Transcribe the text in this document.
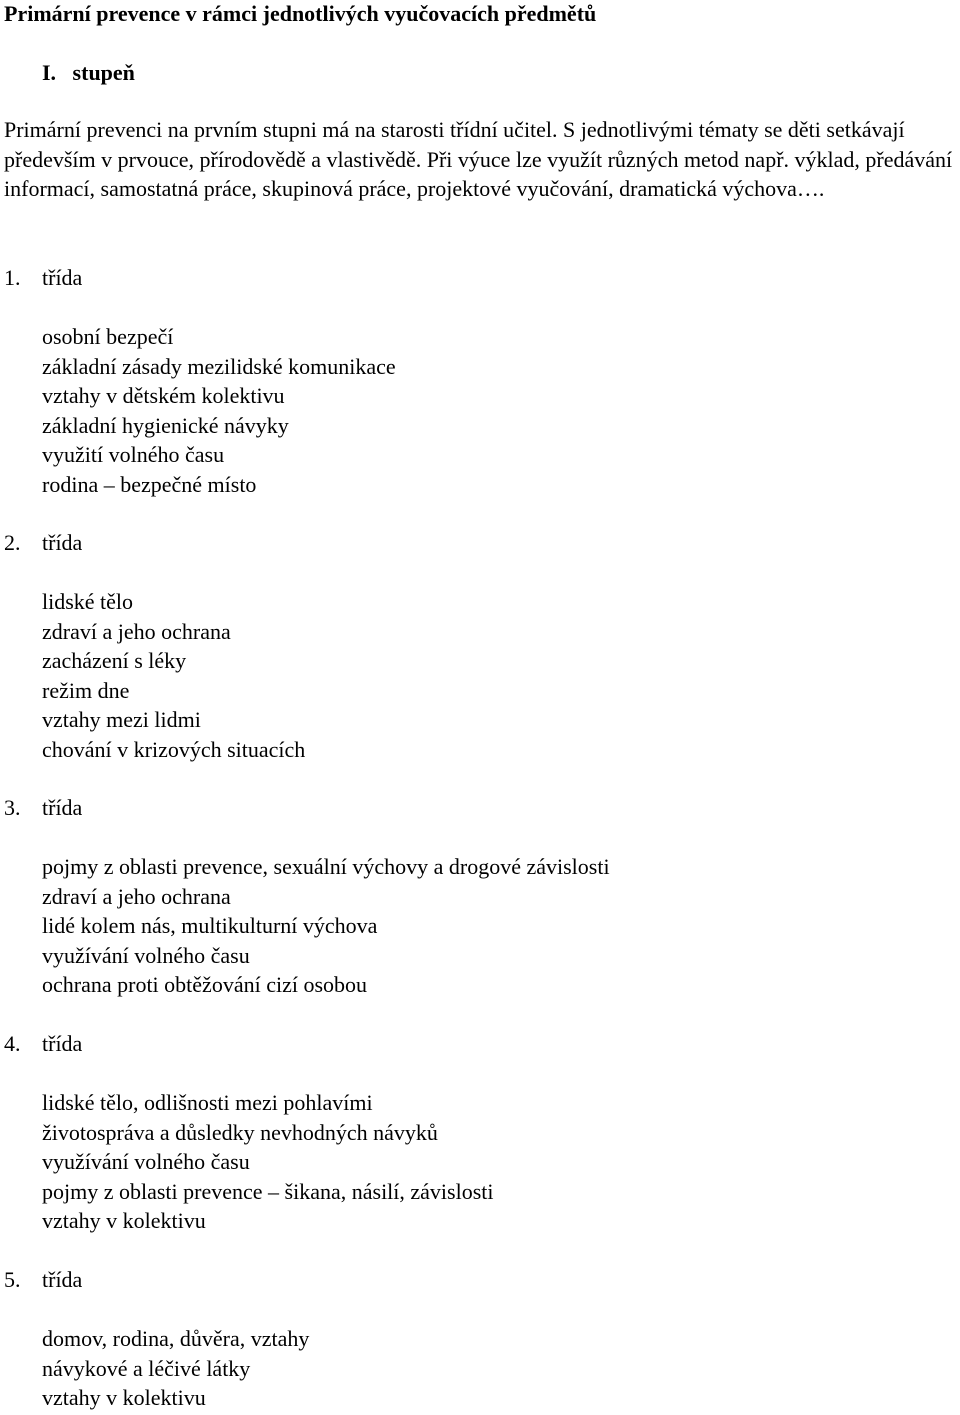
Primární prevence v rámci jednotlivých vyučovacích předmětů
I.   stupeň

Primární prevenci na prvním stupni má na starosti třídní učitel. S jednotlivými tématy se děti setkávají především v prvouce, přírodovědě a vlastivědě. Při výuce lze využít různých metod např. výklad, předávání informací, samostatná práce, skupinová práce, projektové vyučování, dramatická výchova….

1. třída
osobní bezpečí
základní zásady mezilidské komunikace
vztahy v dětském kolektivu
základní hygienické návyky
využití volného času
rodina – bezpečné místo
2. třída
lidské tělo
zdraví a jeho ochrana
zacházení s léky
režim dne
vztahy mezi lidmi
chování v krizových situacích
3. třída
pojmy z oblasti prevence, sexuální výchovy a drogové závislosti
zdraví a jeho ochrana
lidé kolem nás, multikulturní výchova
využívání volného času
ochrana proti obtěžování cizí osobou
4. třída
lidské tělo, odlišnosti mezi pohlavími
životospráva a důsledky nevhodných návyků
využívání volného času
pojmy z oblasti prevence – šikana, násilí, závislosti
vztahy v kolektivu
5. třída
domov, rodina, důvěra, vztahy
návykové a léčivé látky
vztahy v kolektivu
